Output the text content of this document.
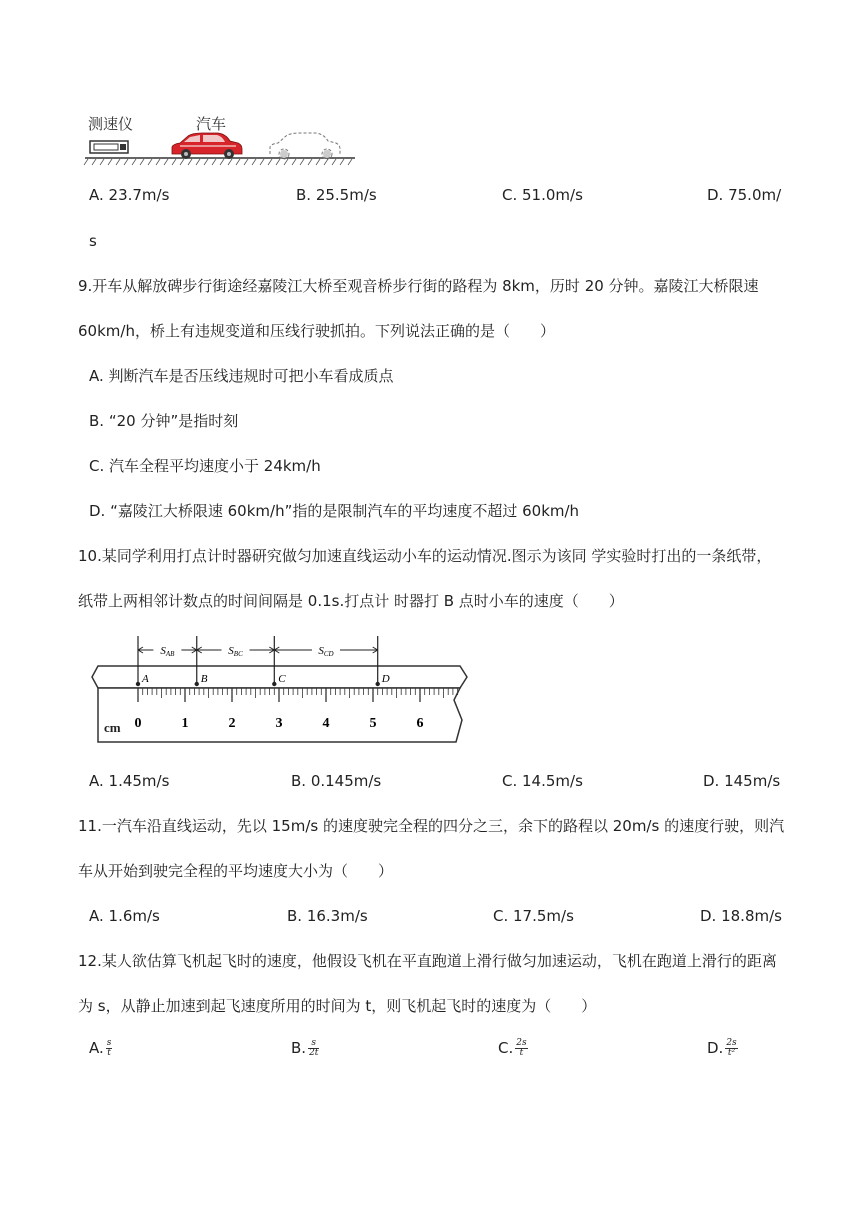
测速仪	汽车
A. 23.7m/s	B. 25.5m/s	C. 51.0m/s	D. 75.0m/
s
9.开车从解放碑步行街途经嘉陵江大桥至观音桥步行街的路程为 8km，历时 20 分钟。嘉陵江大桥限速
60km/h，桥上有违规变道和压线行驶抓拍。下列说法正确的是（　　）
A. 判断汽车是否压线违规时可把小车看成质点
B. “20 分钟”是指时刻
C. 汽车全程平均速度小于 24km/h
D. “嘉陵江大桥限速 60km/h”指的是限制汽车的平均速度不超过 60km/h
10.某同学利用打点计时器研究做匀加速直线运动小车的运动情况.图示为该同 学实验时打出的一条纸带，
纸带上两相邻计数点的时间间隔是 0.1s.打点计 时器打 B 点时小车的速度（　　）
0	1	2	3	4	5	6
cm
A	B	C	D
SAB	SBC	SCD
A. 1.45m/s	B. 0.145m/s	C. 14.5m/s	D. 145m/s
11.一汽车沿直线运动，先以 15m/s 的速度驶完全程的四分之三，余下的路程以 20m/s 的速度行驶，则汽
车从开始到驶完全程的平均速度大小为（　　）
A. 1.6m/s	B. 16.3m/s	C. 17.5m/s	D. 18.8m/s
12.某人欲估算飞机起飞时的速度，他假设飞机在平直跑道上滑行做匀加速运动，飞机在跑道上滑行的距离
为 s，从静止加速到起飞速度所用的时间为 t，则飞机起飞时的速度为（　　）
A. $\frac{s}{t}$	B. $\frac{s}{2t}$	C. $\frac{2s}{t}$	D. $\frac{2s}{\text{t²}}$
